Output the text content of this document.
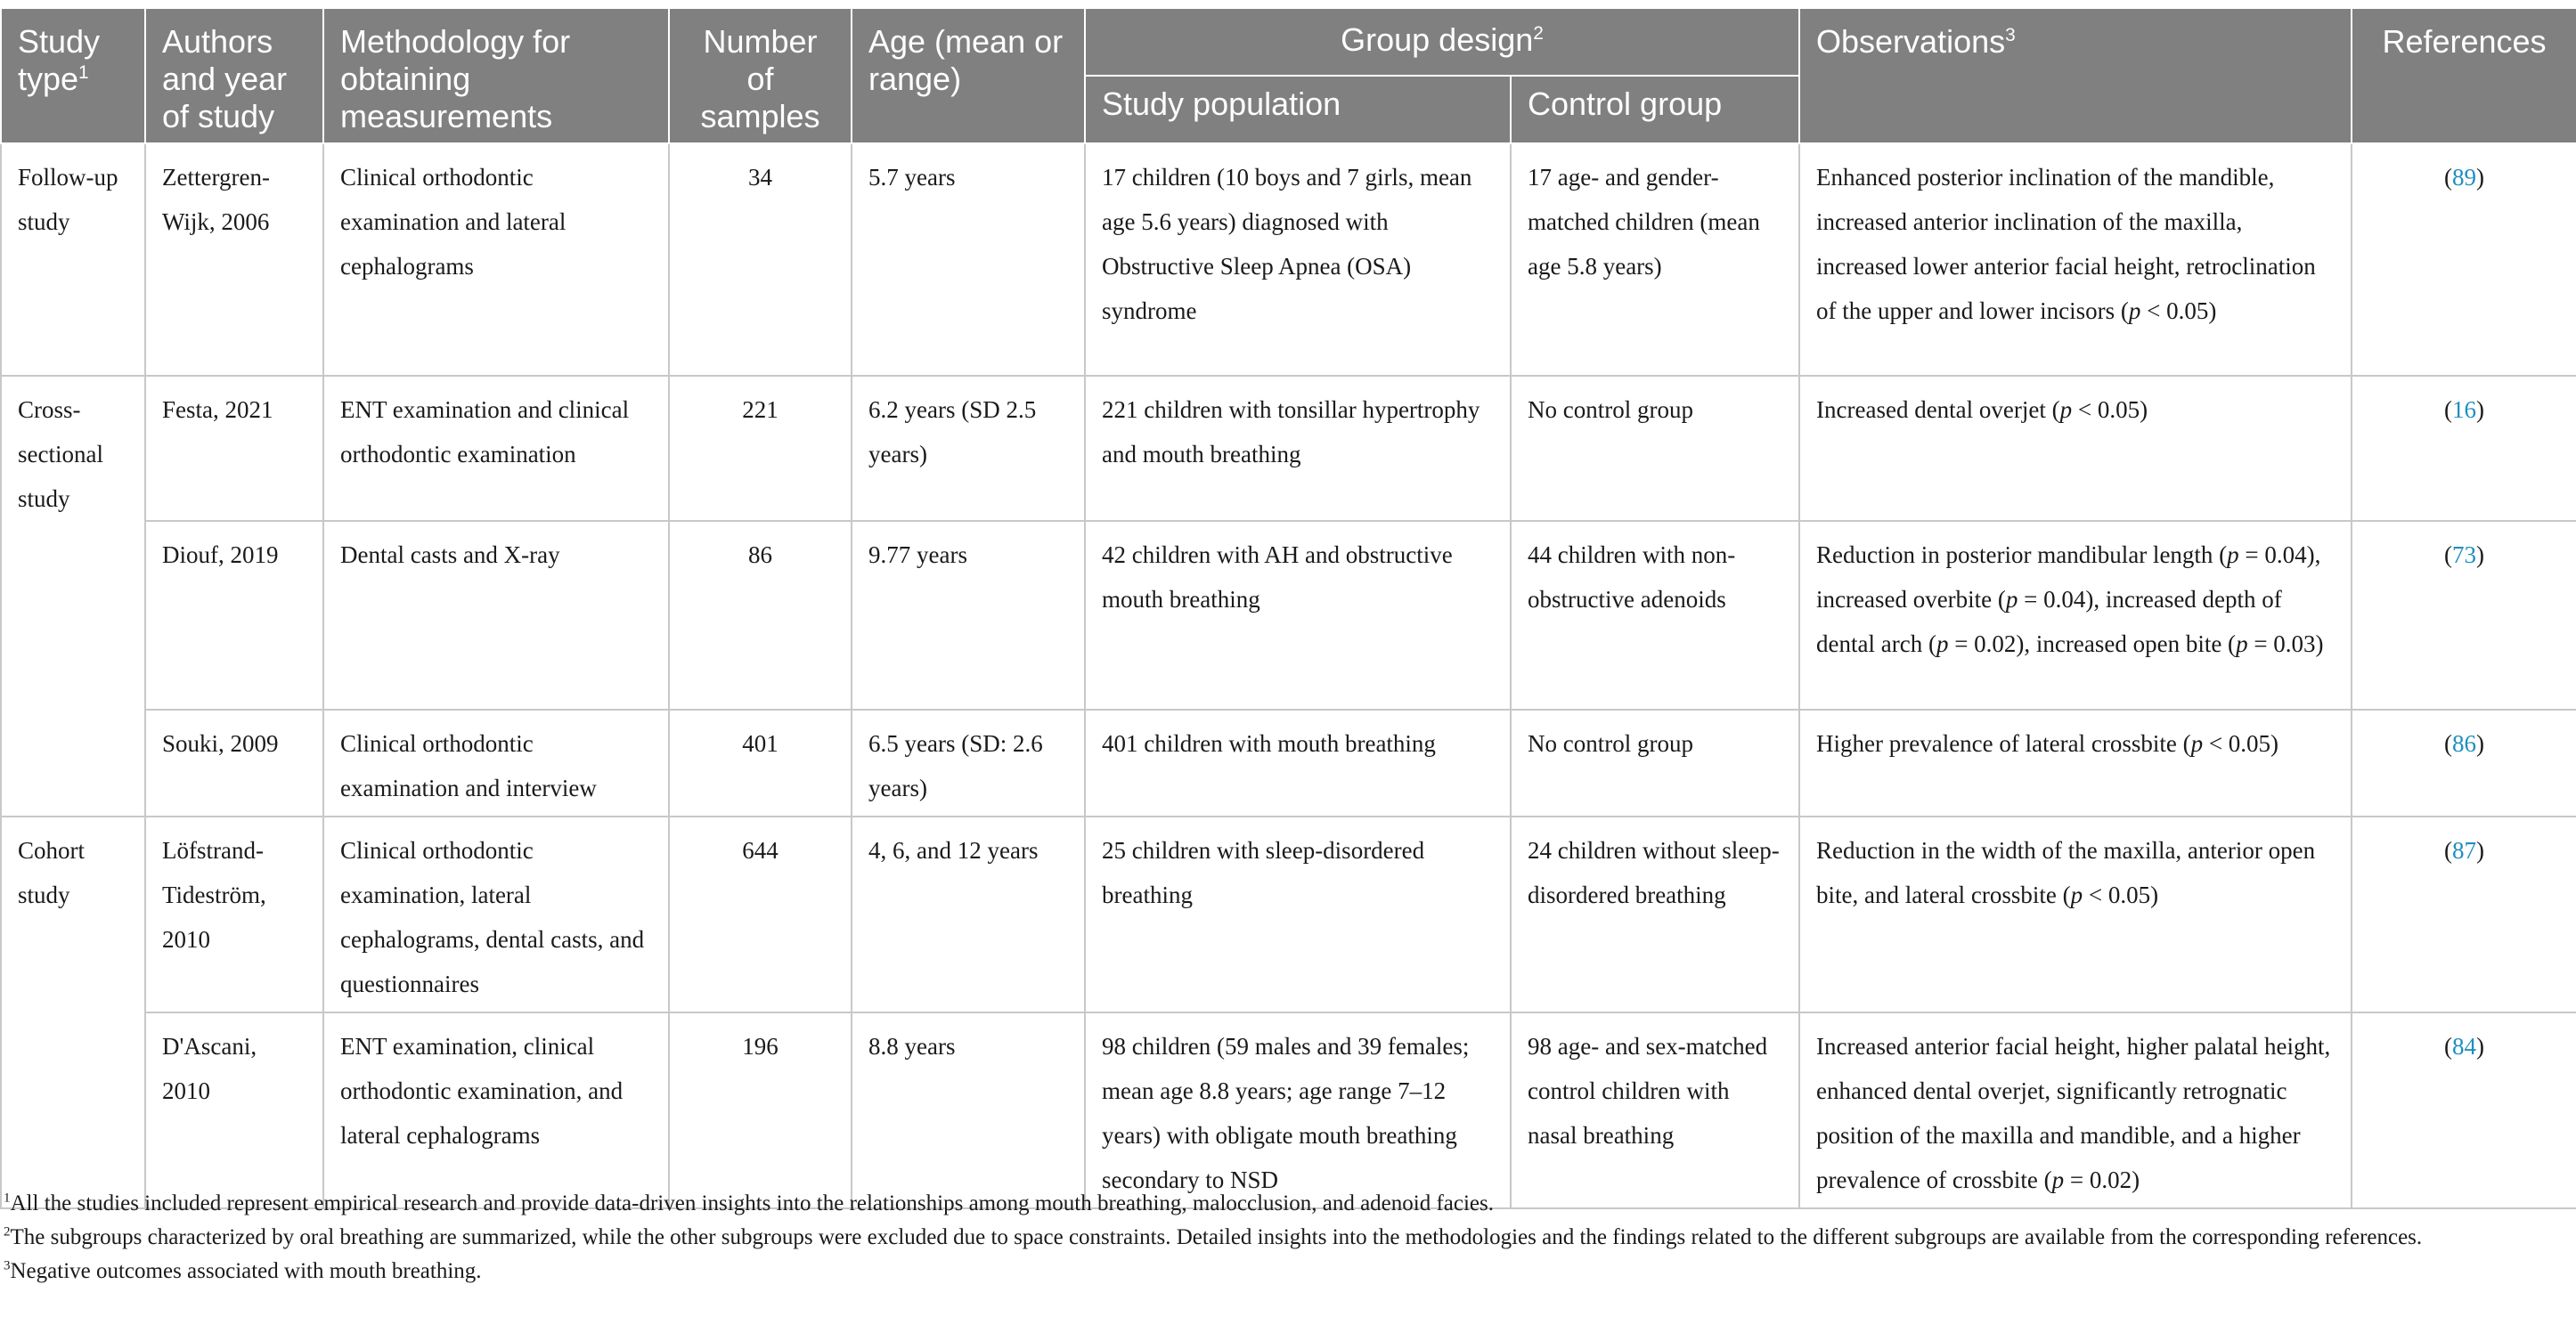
Study type$^1$	Authors and year of study	Methodology for obtaining measurements	Number of samples	Age (mean or range)	Group design$^2$		Observations$^3$	References
					Study population	Control group		
Follow-up study	Zettergren-Wijk, 2006	Clinical orthodontic examination and lateral cephalograms	34	5.7 years	17 children (10 boys and 7 girls, mean age 5.6 years) diagnosed with Obstructive Sleep Apnea (OSA) syndrome	17 age- and gender-matched children (mean age 5.8 years)	Enhanced posterior inclination of the mandible, increased anterior inclination of the maxilla, increased lower anterior facial height, retroclination of the upper and lower incisors (p < 0.05)	(89)
Cross-sectional study	Festa, 2021	ENT examination and clinical orthodontic examination	221	6.2 years (SD 2.5 years)	221 children with tonsillar hypertrophy and mouth breathing	No control group	Increased dental overjet (p < 0.05)	(16)
	Diouf, 2019	Dental casts and X-ray	86	9.77 years	42 children with AH and obstructive mouth breathing	44 children with non-obstructive adenoids	Reduction in posterior mandibular length (p = 0.04), increased overbite (p = 0.04), increased depth of dental arch (p = 0.02), increased open bite (p = 0.03)	(73)
	Souki, 2009	Clinical orthodontic examination and interview	401	6.5 years (SD: 2.6 years)	401 children with mouth breathing	No control group	Higher prevalence of lateral crossbite (p < 0.05)	(86)
Cohort study	Löfstrand-Tideström, 2010	Clinical orthodontic examination, lateral cephalograms, dental casts, and questionnaires	644	4, 6, and 12 years	25 children with sleep-disordered breathing	24 children without sleep-disordered breathing	Reduction in the width of the maxilla, anterior open bite, and lateral crossbite (p < 0.05)	(87)
	D'Ascani, 2010	ENT examination, clinical orthodontic examination, and lateral cephalograms	196	8.8 years	98 children (59 males and 39 females; mean age 8.8 years; age range 7–12 years) with obligate mouth breathing secondary to NSD	98 age- and sex-matched control children with nasal breathing	Increased anterior facial height, higher palatal height, enhanced dental overjet, significantly retrognatic position of the maxilla and mandible, and a higher prevalence of crossbite (p = 0.02)	(84)

$^1$All the studies included represent empirical research and provide data-driven insights into the relationships among mouth breathing, malocclusion, and adenoid facies.

$^2$The subgroups characterized by oral breathing are summarized, while the other subgroups were excluded due to space constraints. Detailed insights into the methodologies and the findings related to the different subgroups are available from the corresponding references.

$^3$Negative outcomes associated with mouth breathing.
